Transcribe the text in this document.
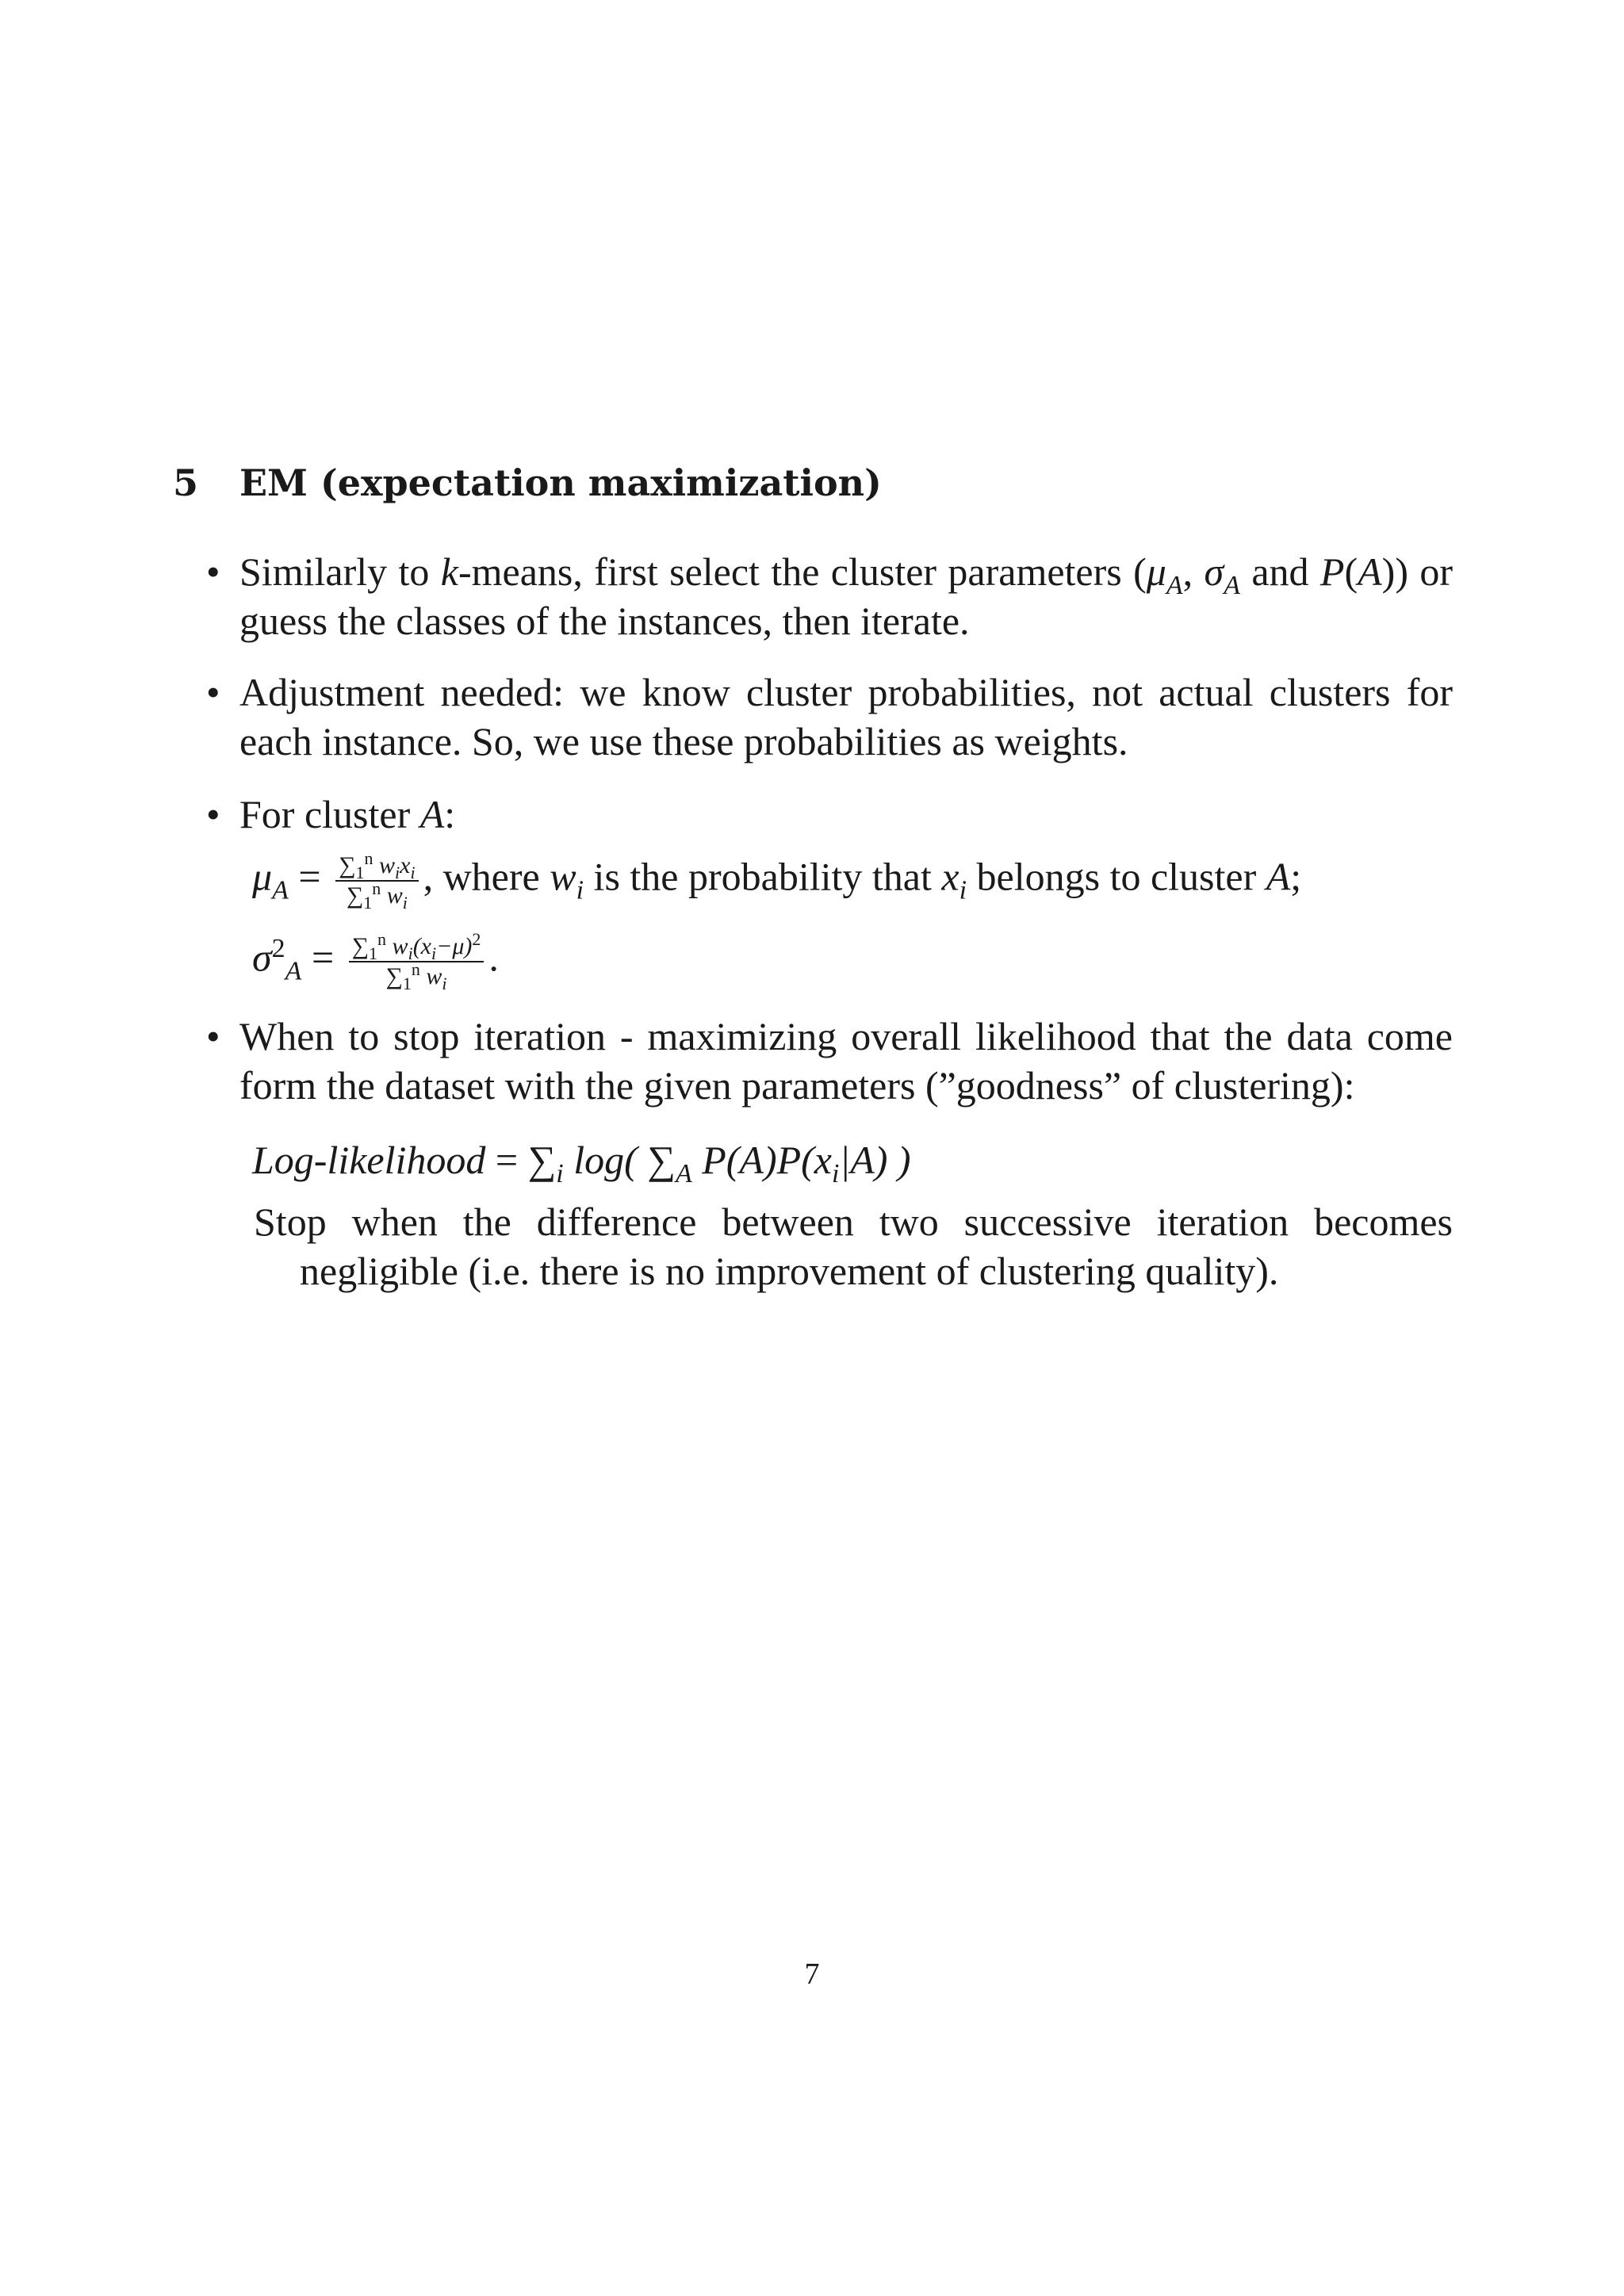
5 EM (expectation maximization)
• Similarly to k-means, first select the cluster parameters ($\mu_A$, $\sigma_A$ and P(A)) or guess the classes of the instances, then iterate.
• Adjustment needed: we know cluster probabilities, not actual clusters for each instance. So, we use these probabilities as weights.
• For cluster A:
$\mu_A = \frac{\sum_1^n w_ix_i}{\sum_1^n w_i}$ , where $w_i$ is the probability that $x_i$ belongs to cluster A;
$\sigma^2_A = \frac{\sum_1^n w_i(x_i-\mu)^2}{\sum_1^n w_i}$ .
• When to stop iteration - maximizing overall likelihood that the data come form the dataset with the given parameters (”goodness” of clustering):
Log-likelihood = $\sum_i$ log( $\sum_A$ $P(A)P(x_i|A)$ )
Stop when the difference between two successive iteration becomes negligible (i.e. there is no improvement of clustering quality).
7
